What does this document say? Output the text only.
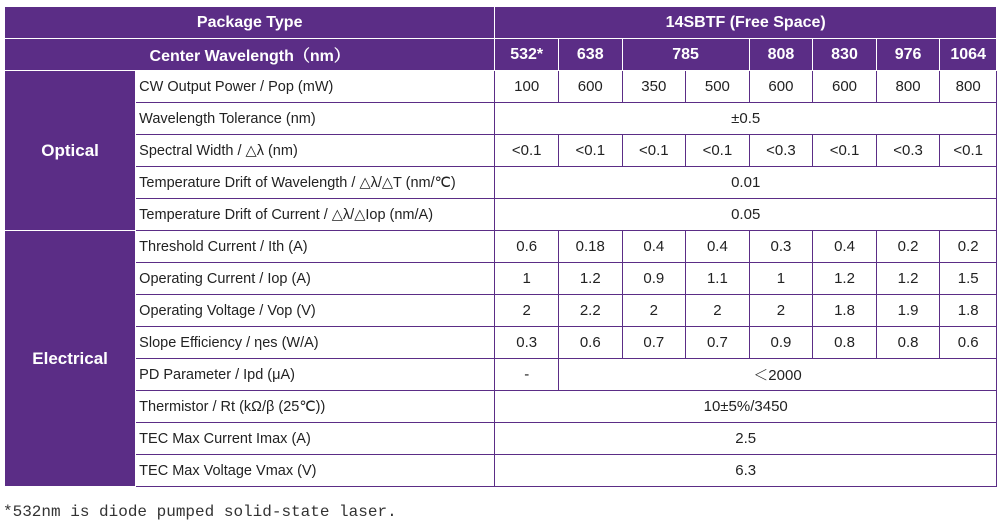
Package Type		14SBTF (Free Space)							
Center Wavelength（nm）		532*	638	785		808	830	976	1064
Optical	CW Output Power / Pop (mW)	100	600	350	500	600	600	800	800
	Wavelength Tolerance (nm)	±0.5							
	Spectral Width / △λ (nm)	<0.1	<0.1	<0.1	<0.1	<0.3	<0.1	<0.3	<0.1
	Temperature Drift of Wavelength / △λ/△T (nm/℃)	0.01							
	Temperature Drift of Current / △λ/△Iop (nm/A)	0.05							
Electrical	Threshold Current / Ith (A)	0.6	0.18	0.4	0.4	0.3	0.4	0.2	0.2
	Operating Current / Iop (A)	1	1.2	0.9	1.1	1	1.2	1.2	1.5
	Operating Voltage / Vop (V)	2	2.2	2	2	2	1.8	1.9	1.8
	Slope Efficiency / ηes (W/A)	0.3	0.6	0.7	0.7	0.9	0.8	0.8	0.6
	PD Parameter / Ipd (μA)	-	＜2000						
	Thermistor / Rt (kΩ/β (25℃))	10±5%/3450							
	TEC Max Current Imax (A)	2.5							
	TEC Max Voltage Vmax (V)	6.3							
*532nm is diode pumped solid-state laser.
